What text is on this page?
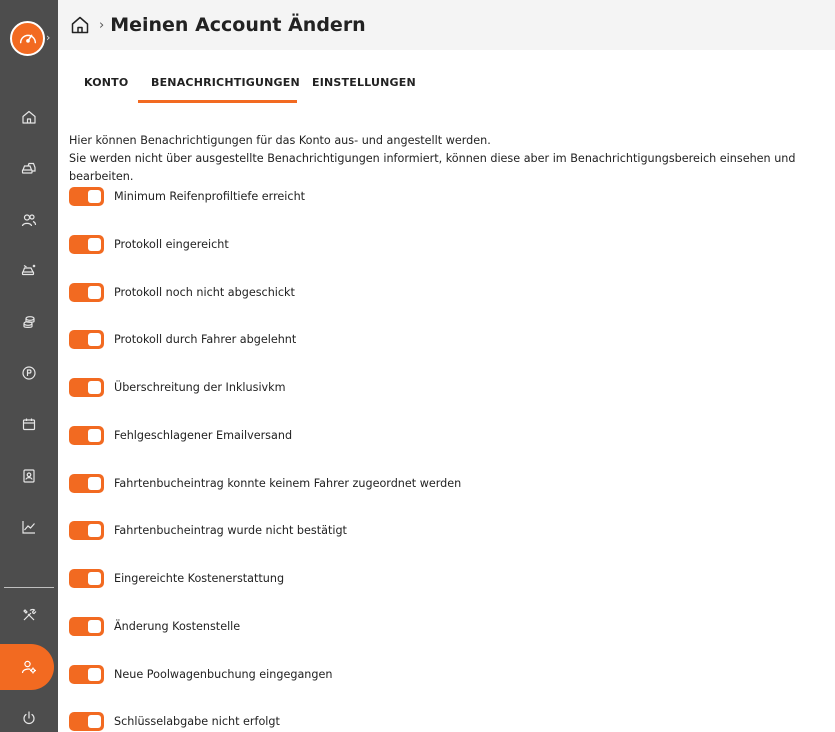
›
› Meinen Account Ändern
KONTO BENACHRICHTIGUNGEN EINSTELLUNGEN
Hier können Benachrichtigungen für das Konto aus- und angestellt werden.
Sie werden nicht über ausgestellte Benachrichtigungen informiert, können diese aber im Benachrichtigungsbereich einsehen und bearbeiten.
Minimum Reifenprofiltiefe erreicht
Protokoll eingereicht
Protokoll noch nicht abgeschickt
Protokoll durch Fahrer abgelehnt
Überschreitung der Inklusivkm
Fehlgeschlagener Emailversand
Fahrtenbucheintrag konnte keinem Fahrer zugeordnet werden
Fahrtenbucheintrag wurde nicht bestätigt
Eingereichte Kostenerstattung
Änderung Kostenstelle
Neue Poolwagenbuchung eingegangen
Schlüsselabgabe nicht erfolgt
